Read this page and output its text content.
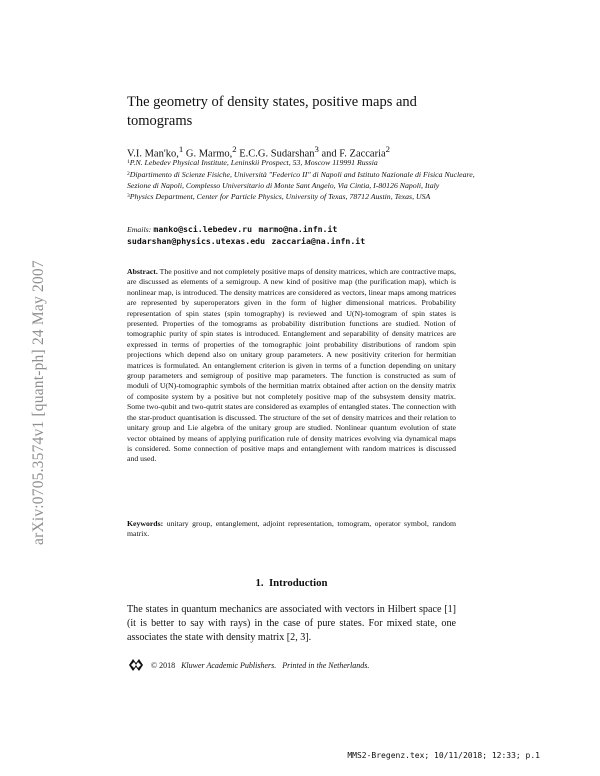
arXiv:0705.3574v1 [quant-ph] 24 May 2007
The geometry of density states, positive maps and tomograms
V.I. Man'ko,$^1$ G. Marmo,$^2$ E.C.G. Sudarshan$^3$ and F. Zaccaria$^2$

$^1$P.N. Lebedev Physical Institute, Leninskii Prospect, 53, Moscow 119991 Russia

$^2$Dipartimento di Scienze Fisiche, Università "Federico II" di Napoli and Istituto Nazionale di Fisica Nucleare, Sezione di Napoli, Complesso Universitario di Monte Sant Angelo, Via Cintia, I-80126 Napoli, Italy

$^3$Physics Department, Center for Particle Physics, University of Texas, 78712 Austin, Texas, USA

Emails: manko@sci.lebedev.ru marmo@na.infn.it
sudarshan@physics.utexas.edu zaccaria@na.infn.it
Abstract. The positive and not completely positive maps of density matrices, which are contractive maps, are discussed as elements of a semigroup. A new kind of positive map (the purification map), which is nonlinear map, is introduced. The density matrices are considered as vectors, linear maps among matrices are represented by superoperators given in the form of higher dimensional matrices. Probability representation of spin states (spin tomography) is reviewed and U(N)-tomogram of spin states is presented. Properties of the tomograms as probability distribution functions are studied. Notion of tomographic purity of spin states is introduced. Entanglement and separability of density matrices are expressed in terms of properties of the tomographic joint probability distributions of random spin projections which depend also on unitary group parameters. A new positivity criterion for hermitian matrices is formulated. An entanglement criterion is given in terms of a function depending on unitary group parameters and semigroup of positive map parameters. The function is constructed as sum of moduli of U(N)-tomographic symbols of the hermitian matrix obtained after action on the density matrix of composite system by a positive but not completely positive map of the subsystem density matrix. Some two-qubit and two-qutrit states are considered as examples of entangled states. The connection with the star-product quantisation is discussed. The structure of the set of density matrices and their relation to unitary group and Lie algebra of the unitary group are studied. Nonlinear quantum evolution of state vector obtained by means of applying purification rule of density matrices evolving via dynamical maps is considered. Some connection of positive maps and entanglement with random matrices is discussed and used.
Keywords: unitary group, entanglement, adjoint representation, tomogram, operator symbol, random matrix.
1. Introduction
The states in quantum mechanics are associated with vectors in Hilbert space [1] (it is better to say with rays) in the case of pure states. For mixed state, one associates the state with density matrix [2, 3].
© 2018 Kluwer Academic Publishers. Printed in the Netherlands.
MMS2-Bregenz.tex; 10/11/2018; 12:33; p.1
